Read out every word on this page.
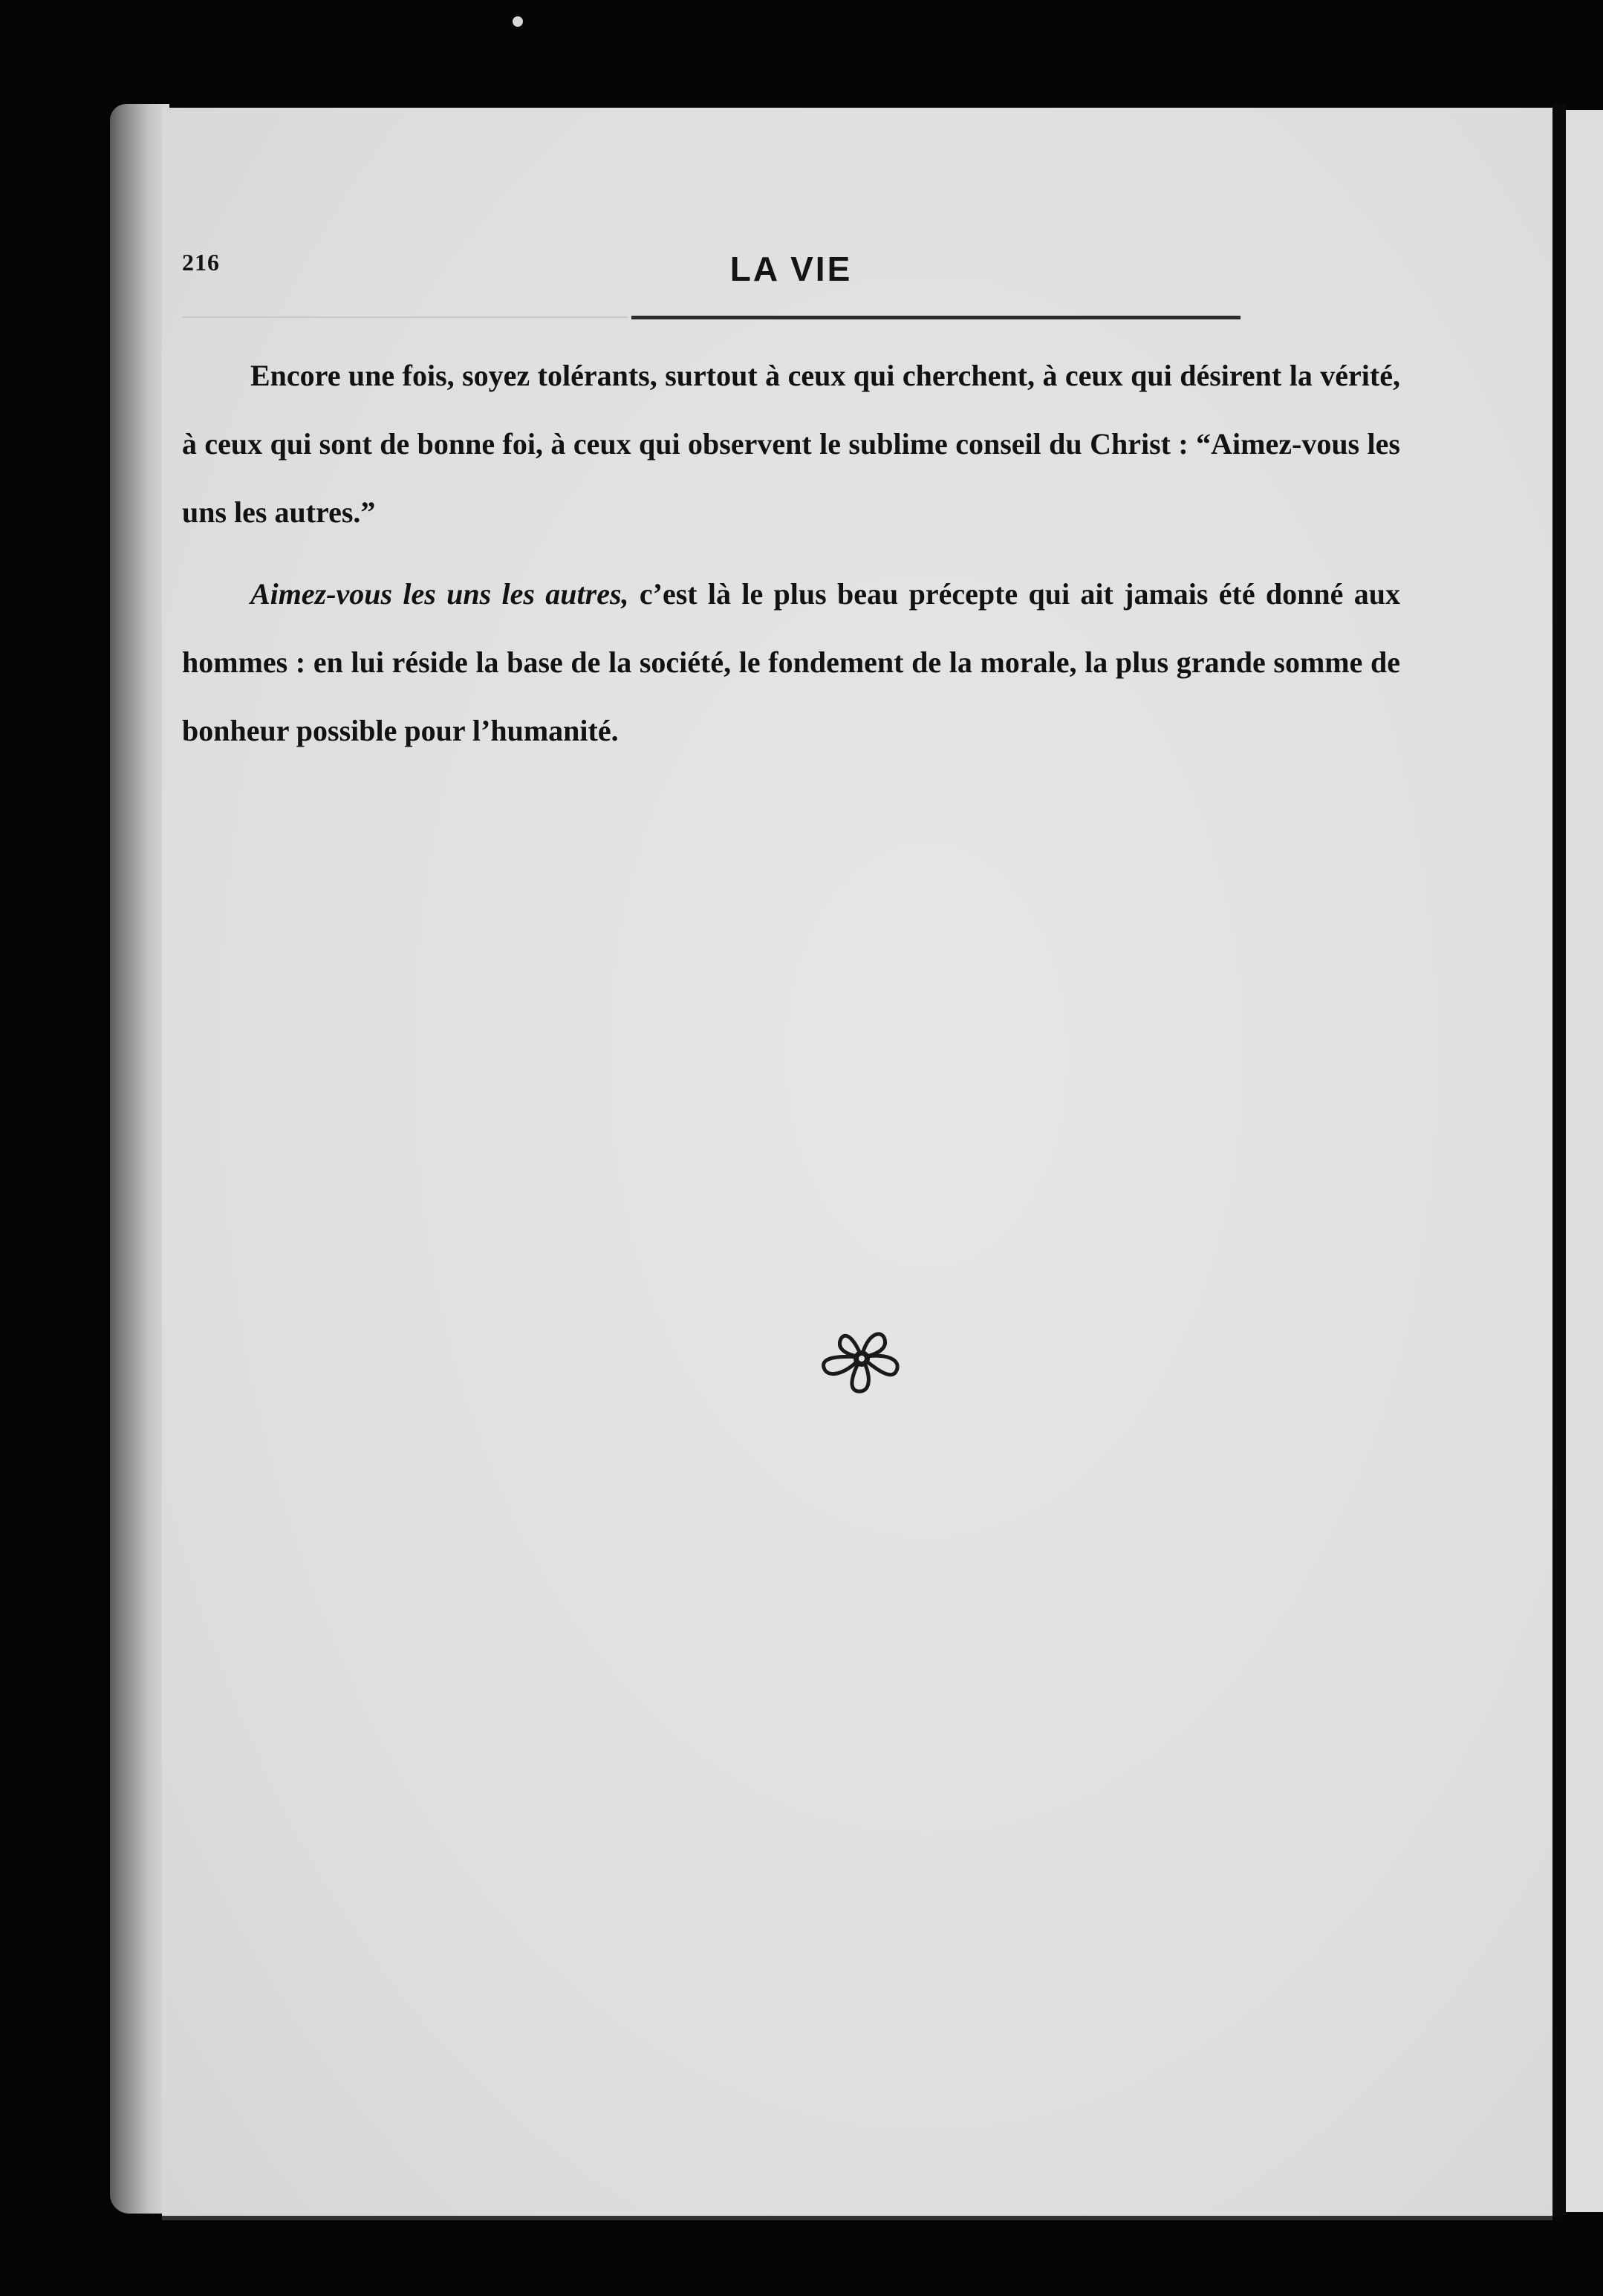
216	LA VIE

Encore une fois, soyez tolérants, surtout à ceux qui cherchent, à ceux qui désirent la vérité, à ceux qui sont de bonne foi, à ceux qui observent le sublime conseil du Christ : “Aimez-vous les uns les autres.”

Aimez-vous les uns les autres, c’est là le plus beau précepte qui ait jamais été donné aux hommes : en lui réside la base de la société, le fondement de la morale, la plus grande somme de bonheur possible pour l’humanité.
